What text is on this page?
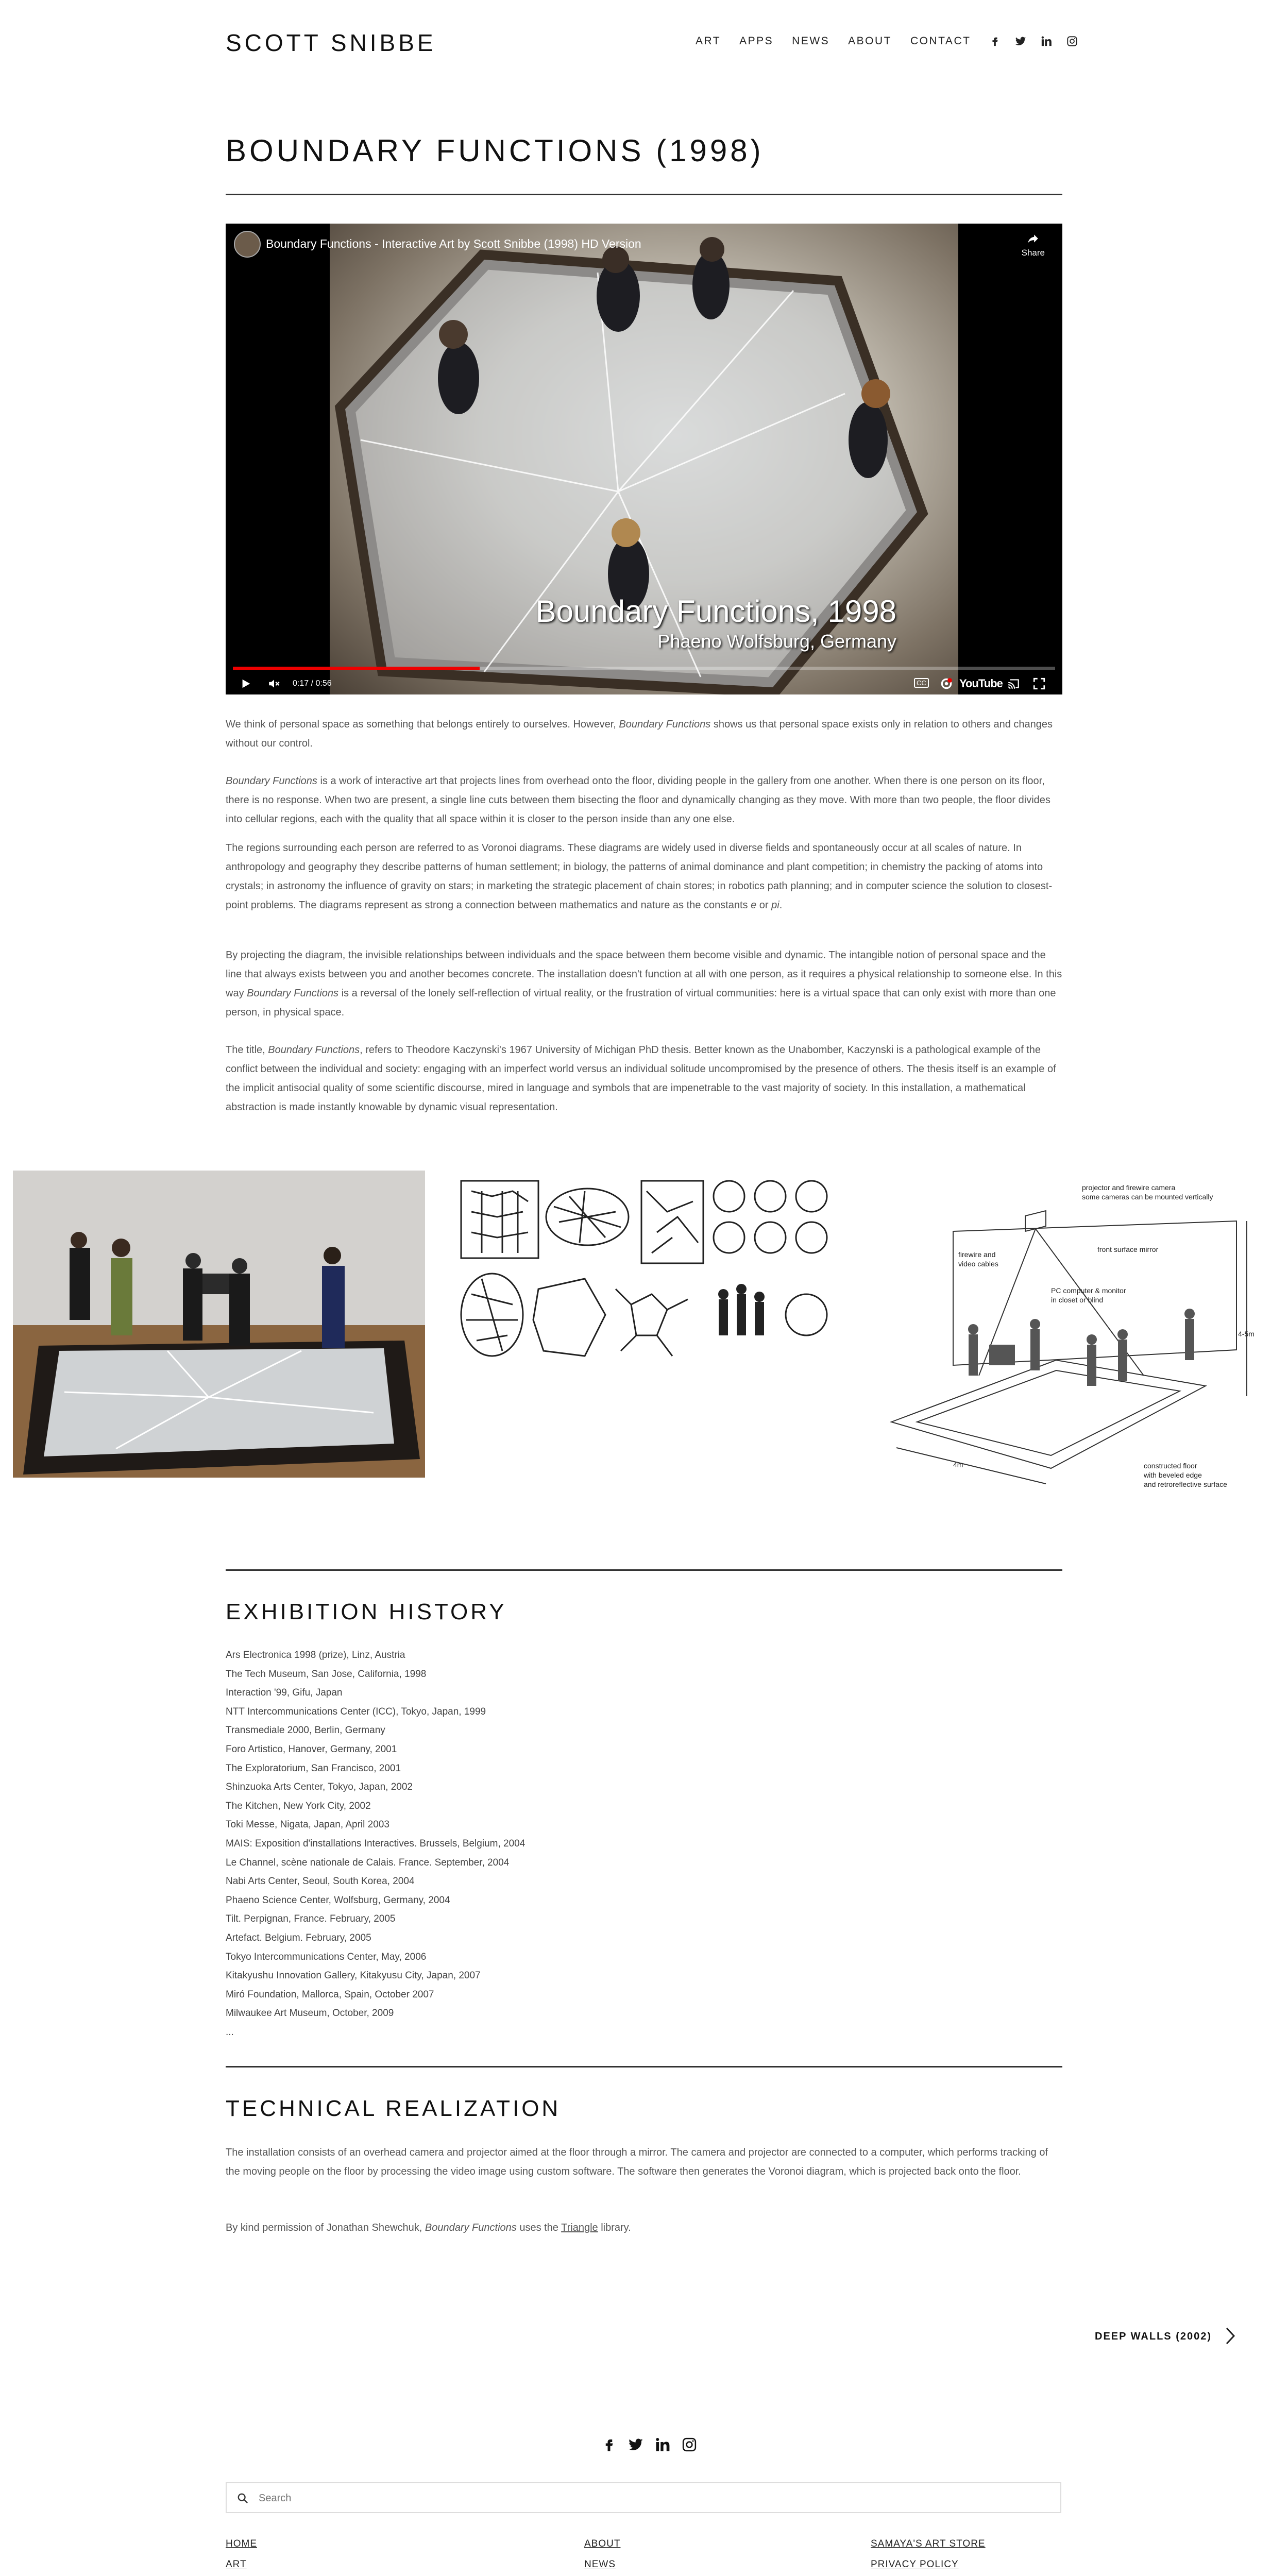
SCOTT SNIBBE	ART APPS NEWS ABOUT CONTACT
BOUNDARY FUNCTIONS (1998)
Boundary Functions - Interactive Art by Scott Snibbe (1998) HD Version

Share
Boundary Functions, 1998
Phaeno Wolfsburg, Germany
0:17 / 0:56	CC	YouTube

We think of personal space as something that belongs entirely to ourselves. However, Boundary Functions shows us that personal space exists only in relation to others and changes without our control.

Boundary Functions is a work of interactive art that projects lines from overhead onto the floor, dividing people in the gallery from one another. When there is one person on its floor, there is no response. When two are present, a single line cuts between them bisecting the floor and dynamically changing as they move. With more than two people, the floor divides into cellular regions, each with the quality that all space within it is closer to the person inside than any one else.

The regions surrounding each person are referred to as Voronoi diagrams. These diagrams are widely used in diverse fields and spontaneously occur at all scales of nature. In anthropology and geography they describe patterns of human settlement; in biology, the patterns of animal dominance and plant competition; in chemistry the packing of atoms into crystals; in astronomy the influence of gravity on stars; in marketing the strategic placement of chain stores; in robotics path planning; and in computer science the solution to closest-point problems. The diagrams represent as strong a connection between mathematics and nature as the constants e or pi.

By projecting the diagram, the invisible relationships between individuals and the space between them become visible and dynamic. The intangible notion of personal space and the line that always exists between you and another becomes concrete. The installation doesn't function at all with one person, as it requires a physical relationship to someone else. In this way Boundary Functions is a reversal of the lonely self-reflection of virtual reality, or the frustration of virtual communities: here is a virtual space that can only exist with more than one person, in physical space.

The title, Boundary Functions, refers to Theodore Kaczynski's 1967 University of Michigan PhD thesis. Better known as the Unabomber, Kaczynski is a pathological example of the conflict between the individual and society: engaging with an imperfect world versus an individual solitude uncompromised by the presence of others. The thesis itself is an example of the implicit antisocial quality of some scientific discourse, mired in language and symbols that are impenetrable to the vast majority of society. In this installation, a mathematical abstraction is made instantly knowable by dynamic visual representation.

projector and firewire camera
some cameras can be mounted vertically
front surface mirror
firewire and
video cables
PC computer & monitor
in closet or blind
4-5m
4m	constructed floor
with beveled edge
and retroreflective surface
EXHIBITION HISTORY
Ars Electronica 1998 (prize), Linz, Austria
The Tech Museum, San Jose, California, 1998
Interaction '99, Gifu, Japan
NTT Intercommunications Center (ICC), Tokyo, Japan, 1999
Transmediale 2000, Berlin, Germany
Foro Artistico, Hanover, Germany, 2001
The Exploratorium, San Francisco, 2001
Shinzuoka Arts Center, Tokyo, Japan, 2002
The Kitchen, New York City, 2002
Toki Messe, Nigata, Japan, April 2003
MAIS: Exposition d'installations Interactives. Brussels, Belgium, 2004
Le Channel, scène nationale de Calais. France. September, 2004
Nabi Arts Center, Seoul, South Korea, 2004
Phaeno Science Center, Wolfsburg, Germany, 2004
Tilt. Perpignan, France. February, 2005
Artefact. Belgium. February, 2005
Tokyo Intercommunications Center, May, 2006
Kitakyushu Innovation Gallery, Kitakyusu City, Japan, 2007
Miró Foundation, Mallorca, Spain, October 2007
Milwaukee Art Museum, October, 2009
...
TECHNICAL REALIZATION

The installation consists of an overhead camera and projector aimed at the floor through a mirror. The camera and projector are connected to a computer, which performs tracking of the moving people on the floor by processing the video image using custom software. The software then generates the Voronoi diagram, which is projected back onto the floor.

By kind permission of Jonathan Shewchuk, Boundary Functions uses the Triangle library.

DEEP WALLS (2002)
Search
HOME
ART
ABOUT
NEWS
SAMAYA'S ART STORE
PRIVACY POLICY
